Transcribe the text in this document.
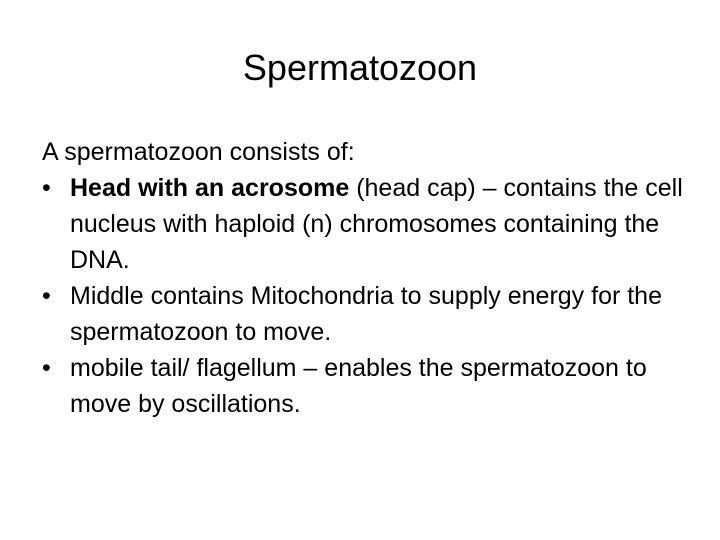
Spermatozoon

A spermatozoon consists of:

• Head with an acrosome (head cap) – contains the cell nucleus with haploid (n) chromosomes containing the DNA.
• Middle contains Mitochondria to supply energy for the spermatozoon to move.
• mobile tail/ flagellum – enables the spermatozoon to move by oscillations.
